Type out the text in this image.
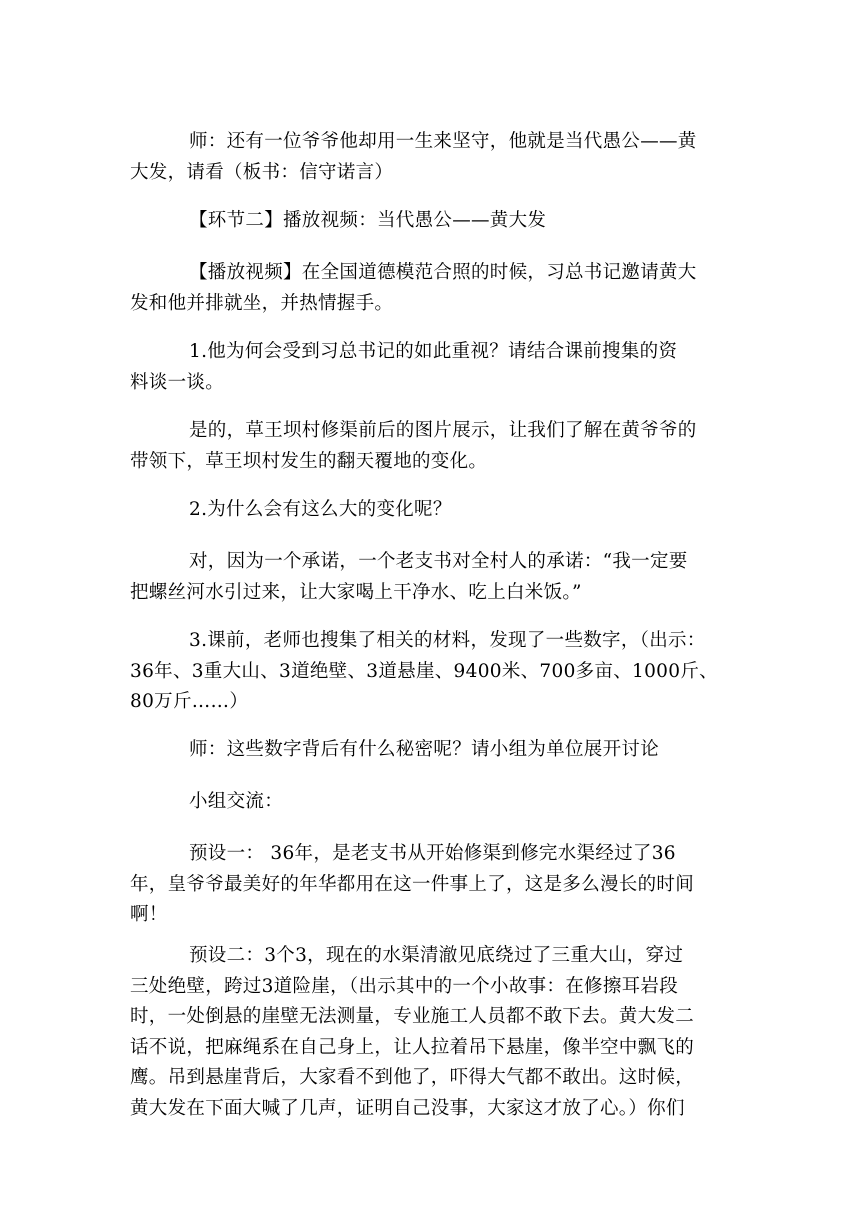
师：还有一位爷爷他却用一生来坚守，他就是当代愚公——黄
大发，请看（板书：信守诺言）

【环节二】播放视频：当代愚公——黄大发

【播放视频】在全国道德模范合照的时候，习总书记邀请黄大
发和他并排就坐，并热情握手。

1.他为何会受到习总书记的如此重视？请结合课前搜集的资
料谈一谈。

是的，草王坝村修渠前后的图片展示，让我们了解在黄爷爷的
带领下，草王坝村发生的翻天覆地的变化。

2.为什么会有这么大的变化呢？

对，因为一个承诺，一个老支书对全村人的承诺：“我一定要
把螺丝河水引过来，让大家喝上干净水、吃上白米饭。”

3.课前，老师也搜集了相关的材料，发现了一些数字，（出示：
36年、3重大山、3道绝壁、3道悬崖、9400米、700多亩、1000斤、
80万斤……）

师：这些数字背后有什么秘密呢？请小组为单位展开讨论

小组交流：

预设一： 36年，是老支书从开始修渠到修完水渠经过了36
年，皇爷爷最美好的年华都用在这一件事上了，这是多么漫长的时间
啊！

预设二：3个3，现在的水渠清澈见底绕过了三重大山，穿过
三处绝壁，跨过3道险崖，（出示其中的一个小故事：在修擦耳岩段
时，一处倒悬的崖壁无法测量，专业施工人员都不敢下去。黄大发二
话不说，把麻绳系在自己身上，让人拉着吊下悬崖，像半空中飘飞的
鹰。吊到悬崖背后，大家看不到他了，吓得大气都不敢出。这时候，
黄大发在下面大喊了几声，证明自己没事，大家这才放了心。）你们
